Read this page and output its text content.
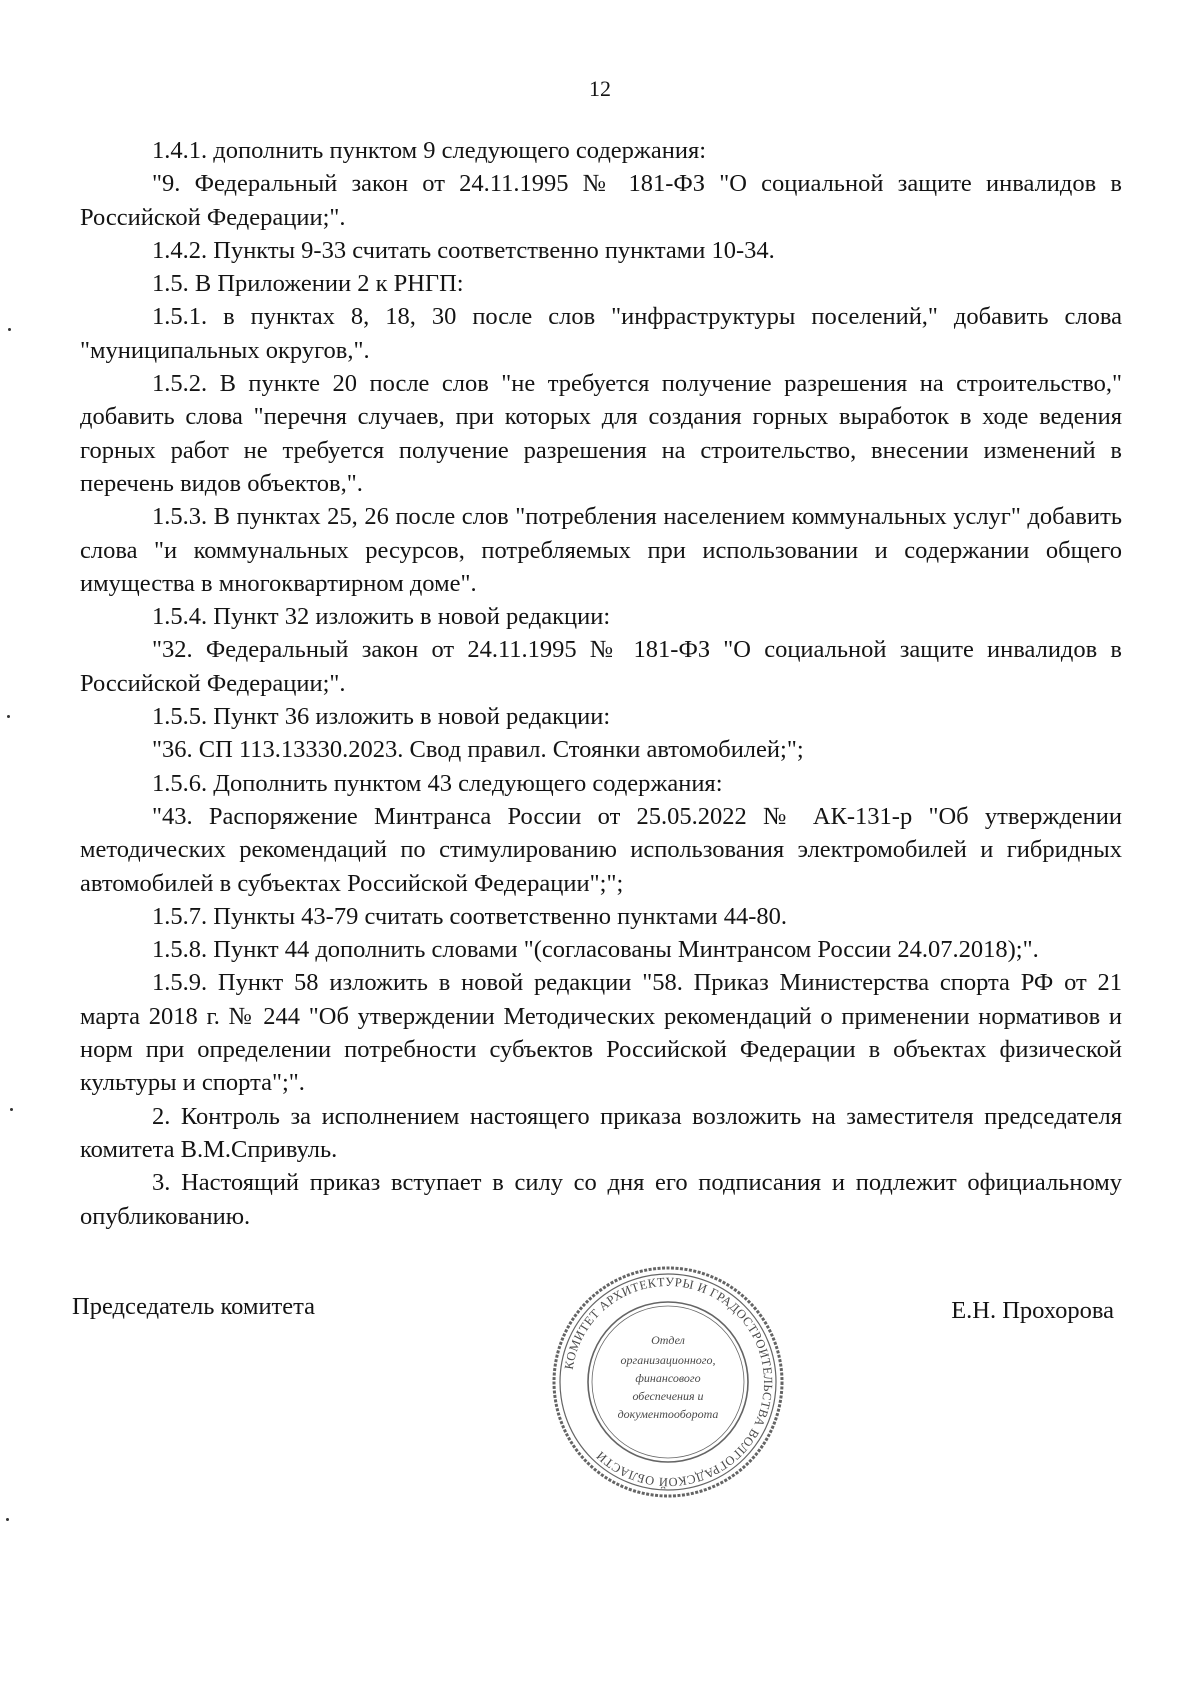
12

1.4.1. дополнить пунктом 9 следующего содержания:

"9. Федеральный закон от 24.11.1995 № 181-ФЗ "О социальной защите инвалидов в Российской Федерации;".

1.4.2. Пункты 9-33 считать соответственно пунктами 10-34.

1.5. В Приложении 2 к РНГП:

1.5.1. в пунктах 8, 18, 30 после слов "инфраструктуры поселений," добавить слова "муниципальных округов,".

1.5.2. В пункте 20 после слов "не требуется получение разрешения на строительство," добавить слова "перечня случаев, при которых для создания горных выработок в ходе ведения горных работ не требуется получение разрешения на строительство, внесении изменений в перечень видов объектов,".

1.5.3. В пунктах 25, 26 после слов "потребления населением коммунальных услуг" добавить слова "и коммунальных ресурсов, потребляемых при использовании и содержании общего имущества в многоквартирном доме".

1.5.4. Пункт 32 изложить в новой редакции:

"32. Федеральный закон от 24.11.1995 № 181-ФЗ "О социальной защите инвалидов в Российской Федерации;".

1.5.5. Пункт 36 изложить в новой редакции:

"36. СП 113.13330.2023. Свод правил. Стоянки автомобилей;";

1.5.6. Дополнить пунктом 43 следующего содержания:

"43. Распоряжение Минтранса России от 25.05.2022 № АК-131-р "Об утверждении методических рекомендаций по стимулированию использования электромобилей и гибридных автомобилей в субъектах Российской Федерации";";

1.5.7. Пункты 43-79 считать соответственно пунктами 44-80.

1.5.8. Пункт 44 дополнить словами "(согласованы Минтрансом России 24.07.2018);".

1.5.9. Пункт 58 изложить в новой редакции "58. Приказ Министерства спорта РФ от 21 марта 2018 г. № 244 "Об утверждении Методических рекомендаций о применении нормативов и норм при определении потребности субъектов Российской Федерации в объектах физической культуры и спорта";".

2. Контроль за исполнением настоящего приказа возложить на заместителя председателя комитета В.М.Спривуль.

3. Настоящий приказ вступает в силу со дня его подписания и подлежит официальному опубликованию.

Председатель комитета	Е.Н. Прохорова
КОМИТЕТ АРХИТЕКТУРЫ И ГРАДОСТРОИТЕЛЬСТВА ВОЛГОГРАДСКОЙ ОБЛАСТИ
Отдел
организационного,
финансового
обеспечения и
документооборота
